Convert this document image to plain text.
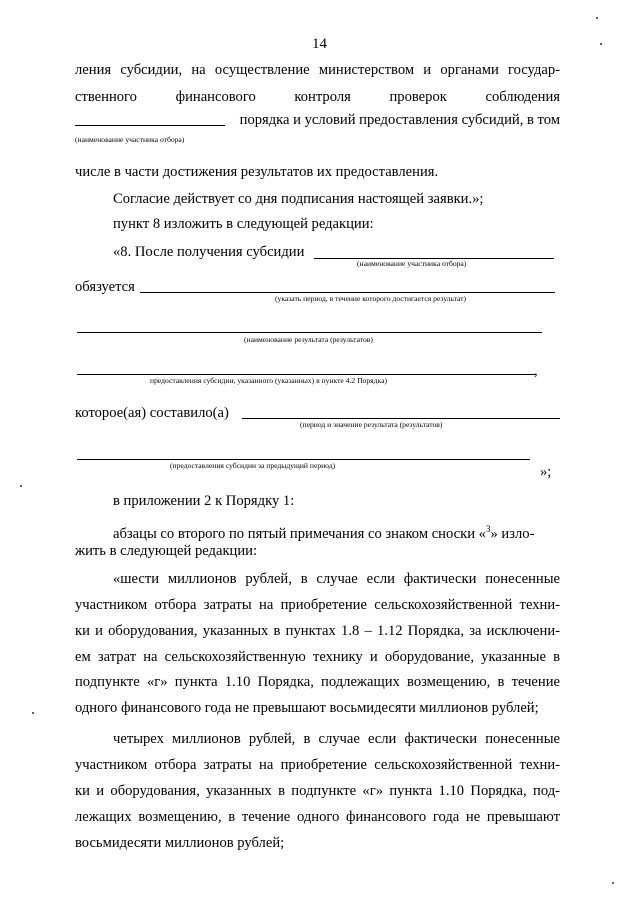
14
ления субсидии, на осуществление министерством и органами государ-
ственного финансового контроля проверок соблюдения
порядка и условий предоставления субсидий, в том
(наименование участника отбора)
числе в части достижения результатов их предоставления.
Согласие действует со дня подписания настоящей заявки.»;
пункт 8 изложить в следующей редакции:
«8. После получения субсидии
(наименование участника отбора)
обязуется
(указать период, в течение которого достигается результат)
(наименование результата (результатов)
,
предоставления субсидии, указанного (указанных) в пункте 4.2 Порядка)
которое(ая) составило(а)
(период и значение результата (результатов)
(предоставления субсидии за предыдущий период)	»;
в приложении 2 к Порядку 1:
абзацы со второго по пятый примечания со знаком сноски «$^3$» изло-
жить в следующей редакции:
«шести миллионов рублей, в случае если фактически понесенные
участником отбора затраты на приобретение сельскохозяйственной техни-
ки и оборудования, указанных в пунктах 1.8 – 1.12 Порядка, за исключени-
ем затрат на сельскохозяйственную технику и оборудование, указанные в
подпункте «г» пункта 1.10 Порядка, подлежащих возмещению, в течение
одного финансового года не превышают восьмидесяти миллионов рублей;
четырех миллионов рублей, в случае если фактически понесенные
участником отбора затраты на приобретение сельскохозяйственной техни-
ки и оборудования, указанных в подпункте «г» пункта 1.10 Порядка, под-
лежащих возмещению, в течение одного финансового года не превышают
восьмидесяти миллионов рублей;
